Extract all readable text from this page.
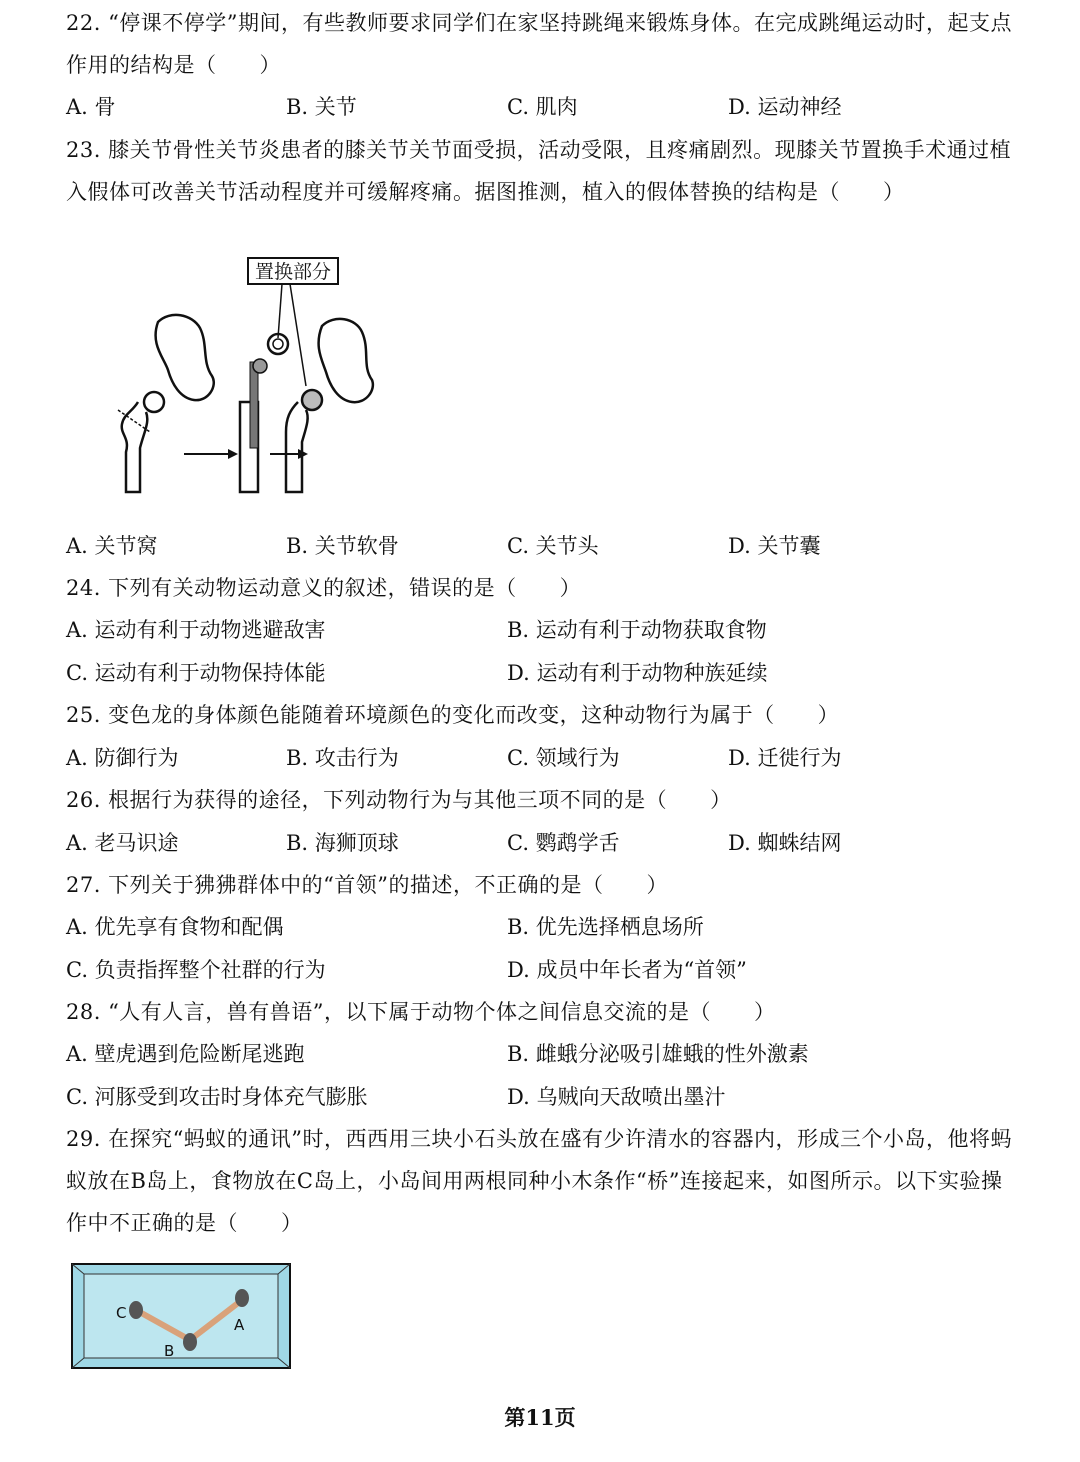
22. “停课不停学”期间，有些教师要求同学们在家坚持跳绳来锻炼身体。在完成跳绳运动时，起支点作用的结构是（　　）
A. 骨	B. 关节	C. 肌肉	D. 运动神经
23. 膝关节骨性关节炎患者的膝关节关节面受损，活动受限，且疼痛剧烈。现膝关节置换手术通过植入假体可改善关节活动程度并可缓解疼痛。据图推测，植入的假体替换的结构是（　　）
置换部分
A. 关节窝	B. 关节软骨	C. 关节头	D. 关节囊
24. 下列有关动物运动意义的叙述，错误的是（　　）
A. 运动有利于动物逃避敌害	B. 运动有利于动物获取食物
C. 运动有利于动物保持体能	D. 运动有利于动物种族延续
25. 变色龙的身体颜色能随着环境颜色的变化而改变，这种动物行为属于（　　）
A. 防御行为	B. 攻击行为	C. 领域行为	D. 迁徙行为
26. 根据行为获得的途径，下列动物行为与其他三项不同的是（　　）
A. 老马识途	B. 海狮顶球	C. 鹦鹉学舌	D. 蜘蛛结网
27. 下列关于狒狒群体中的“首领”的描述，不正确的是（　　）
A. 优先享有食物和配偶	B. 优先选择栖息场所
C. 负责指挥整个社群的行为	D. 成员中年长者为“首领”
28. “人有人言，兽有兽语”，以下属于动物个体之间信息交流的是（　　）
A. 壁虎遇到危险断尾逃跑	B. 雌蛾分泌吸引雄蛾的性外激素
C. 河豚受到攻击时身体充气膨胀	D. 乌贼向天敌喷出墨汁
29. 在探究“蚂蚁的通讯”时，西西用三块小石头放在盛有少许清水的容器内，形成三个小岛，他将蚂蚁放在B岛上，食物放在C岛上，小岛间用两根同种小木条作“桥”连接起来，如图所示。以下实验操作中不正确的是（　　）
C
B
A
第11页
